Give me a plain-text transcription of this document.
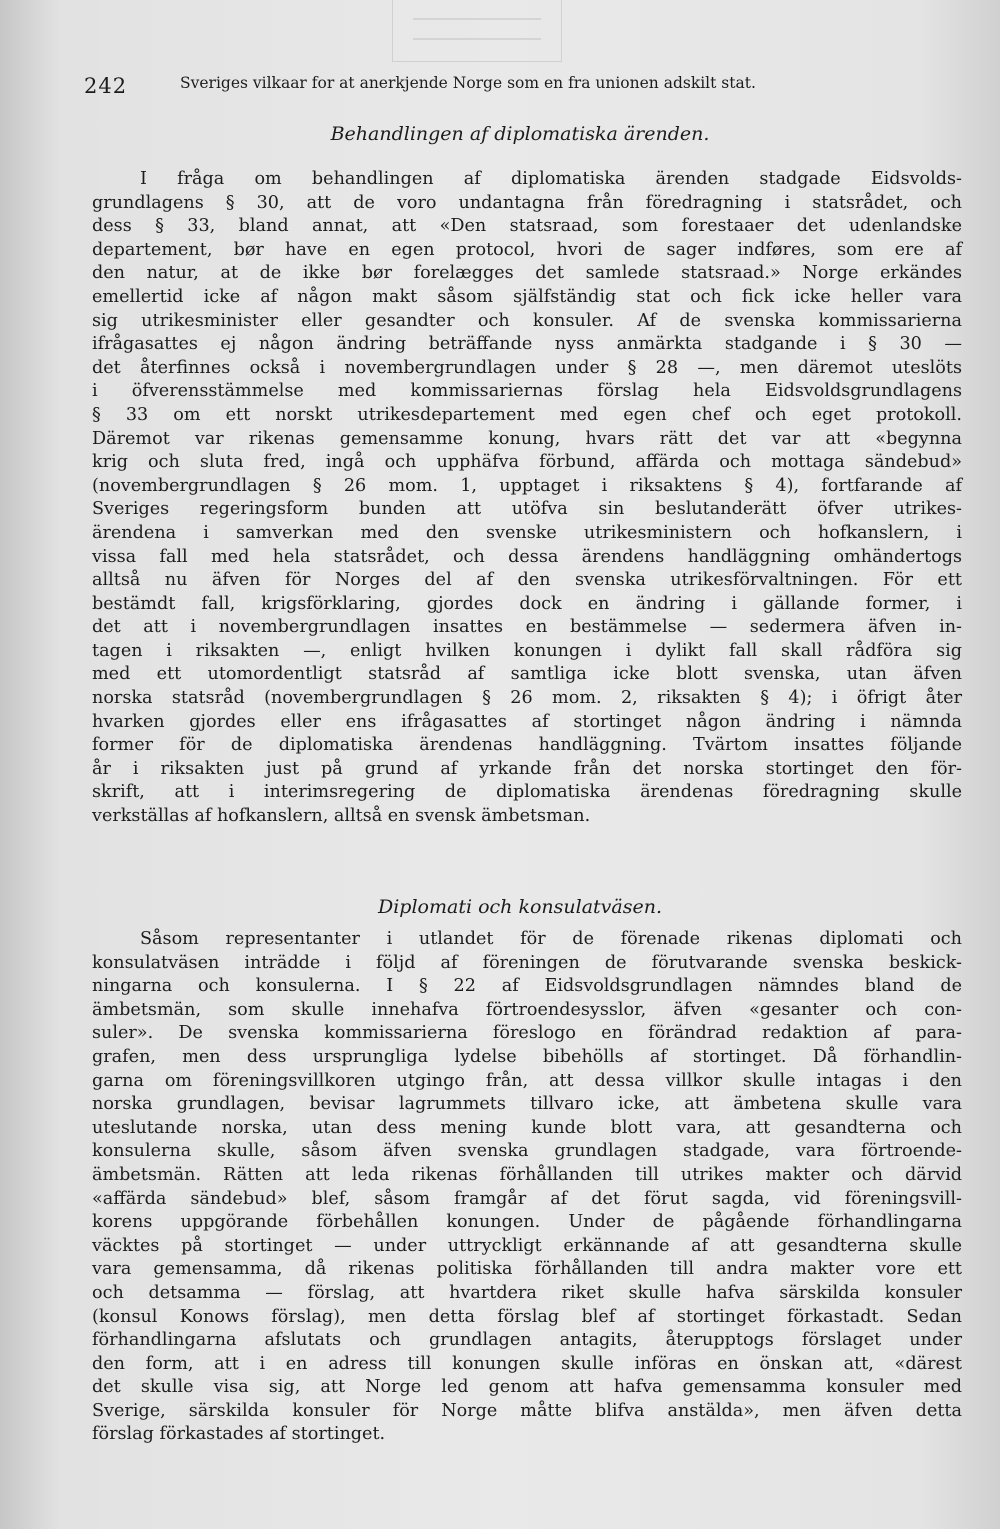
242	Sveriges vilkaar for at anerkjende Norge som en fra unionen adskilt stat.
Behandlingen af diplomatiska ärenden.
I fråga om behandlingen af diplomatiska ärenden stadgade Eidsvolds-
grundlagens § 30, att de voro undantagna från föredragning i statsrådet, och
dess § 33, bland annat, att «Den statsraad, som forestaaer det udenlandske
departement, bør have en egen protocol, hvori de sager indføres, som ere af
den natur, at de ikke bør forelægges det samlede statsraad.» Norge erkändes
emellertid icke af någon makt såsom själfständig stat och fick icke heller vara
sig utrikesminister eller gesandter och konsuler. Af de svenska kommissarierna
ifrågasattes ej någon ändring beträffande nyss anmärkta stadgande i § 30 —
det återfinnes också i novembergrundlagen under § 28 —, men däremot uteslöts
i öfverensstämmelse med kommissariernas förslag hela Eidsvoldsgrundlagens
§ 33 om ett norskt utrikesdepartement med egen chef och eget protokoll.
Däremot var rikenas gemensamme konung, hvars rätt det var att «begynna
krig och sluta fred, ingå och upphäfva förbund, affärda och mottaga sändebud»
(novembergrundlagen § 26 mom. 1, upptaget i riksaktens § 4), fortfarande af
Sveriges regeringsform bunden att utöfva sin beslutanderätt öfver utrikes-
ärendena i samverkan med den svenske utrikesministern och hofkanslern, i
vissa fall med hela statsrådet, och dessa ärendens handläggning omhändertogs
alltså nu äfven för Norges del af den svenska utrikesförvaltningen. För ett
bestämdt fall, krigsförklaring, gjordes dock en ändring i gällande former, i
det att i novembergrundlagen insattes en bestämmelse — sedermera äfven in-
tagen i riksakten —, enligt hvilken konungen i dylikt fall skall rådföra sig
med ett utomordentligt statsråd af samtliga icke blott svenska, utan äfven
norska statsråd (novembergrundlagen § 26 mom. 2, riksakten § 4); i öfrigt åter
hvarken gjordes eller ens ifrågasattes af stortinget någon ändring i nämnda
former för de diplomatiska ärendenas handläggning. Tvärtom insattes följande
år i riksakten just på grund af yrkande från det norska stortinget den för-
skrift, att i interimsregering de diplomatiska ärendenas föredragning skulle
verkställas af hofkanslern, alltså en svensk ämbetsman.
Diplomati och konsulatväsen.
Såsom representanter i utlandet för de förenade rikenas diplomati och
konsulatväsen inträdde i följd af föreningen de förutvarande svenska beskick-
ningarna och konsulerna. I § 22 af Eidsvoldsgrundlagen nämndes bland de
ämbetsmän, som skulle innehafva förtroendesysslor, äfven «gesanter och con-
suler». De svenska kommissarierna föreslogo en förändrad redaktion af para-
grafen, men dess ursprungliga lydelse bibehölls af stortinget. Då förhandlin-
garna om föreningsvillkoren utgingo från, att dessa villkor skulle intagas i den
norska grundlagen, bevisar lagrummets tillvaro icke, att ämbetena skulle vara
uteslutande norska, utan dess mening kunde blott vara, att gesandterna och
konsulerna skulle, såsom äfven svenska grundlagen stadgade, vara förtroende-
ämbetsmän. Rätten att leda rikenas förhållanden till utrikes makter och därvid
«affärda sändebud» blef, såsom framgår af det förut sagda, vid föreningsvill-
korens uppgörande förbehållen konungen. Under de pågående förhandlingarna
väcktes på stortinget — under uttryckligt erkännande af att gesandterna skulle
vara gemensamma, då rikenas politiska förhållanden till andra makter vore ett
och detsamma — förslag, att hvartdera riket skulle hafva särskilda konsuler
(konsul Konows förslag), men detta förslag blef af stortinget förkastadt. Sedan
förhandlingarna afslutats och grundlagen antagits, återupptogs förslaget under
den form, att i en adress till konungen skulle införas en önskan att, «därest
det skulle visa sig, att Norge led genom att hafva gemensamma konsuler med
Sverige, särskilda konsuler för Norge måtte blifva anstälda», men äfven detta
förslag förkastades af stortinget.
